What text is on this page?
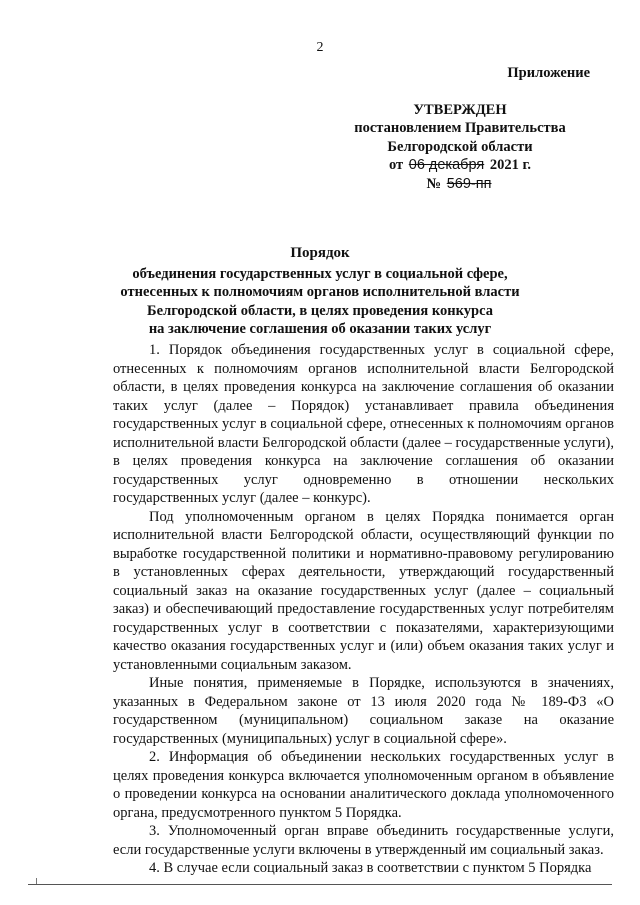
2
Приложение
УТВЕРЖДЕН
постановлением Правительства
Белгородской области
от 06 декабря 2021 г.
№ 569-пп
Порядок
объединения государственных услуг в социальной сфере,
отнесенных к полномочиям органов исполнительной власти
Белгородской области, в целях проведения конкурса
на заключение соглашения об оказании таких услуг

1. Порядок объединения государственных услуг в социальной сфере, отнесенных к полномочиям органов исполнительной власти Белгородской области, в целях проведения конкурса на заключение соглашения об оказании таких услуг (далее – Порядок) устанавливает правила объединения государственных услуг в социальной сфере, отнесенных к полномочиям органов исполнительной власти Белгородской области (далее – государственные услуги), в целях проведения конкурса на заключение соглашения об оказании государственных услуг одновременно в отношении нескольких государственных услуг (далее – конкурс).

Под уполномоченным органом в целях Порядка понимается орган исполнительной власти Белгородской области, осуществляющий функции по выработке государственной политики и нормативно-правовому регулированию в установленных сферах деятельности, утверждающий государственный социальный заказ на оказание государственных услуг (далее – социальный заказ) и обеспечивающий предоставление государственных услуг потребителям государственных услуг в соответствии с показателями, характеризующими качество оказания государственных услуг и (или) объем оказания таких услуг и установленными социальным заказом.

Иные понятия, применяемые в Порядке, используются в значениях, указанных в Федеральном законе от 13 июля 2020 года № 189-ФЗ «О государственном (муниципальном) социальном заказе на оказание государственных (муниципальных) услуг в социальной сфере».

2. Информация об объединении нескольких государственных услуг в целях проведения конкурса включается уполномоченным органом в объявление о проведении конкурса на основании аналитического доклада уполномоченного органа, предусмотренного пунктом 5 Порядка.

3. Уполномоченный орган вправе объединить государственные услуги, если государственные услуги включены в утвержденный им социальный заказ.

4. В случае если социальный заказ в соответствии с пунктом 5 Порядка
